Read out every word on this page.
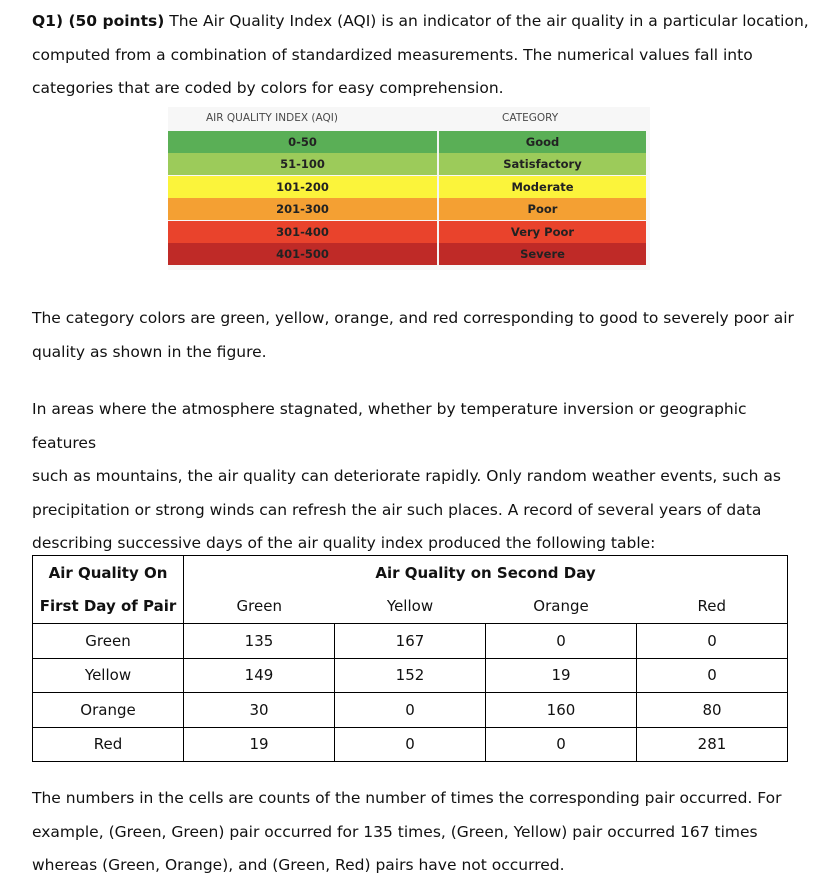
Q1) (50 points) The Air Quality Index (AQI) is an indicator of the air quality in a particular location,
computed from a combination of standardized measurements. The numerical values fall into
categories that are coded by colors for easy comprehension.
AIR QUALITY INDEX (AQI)	CATEGORY
0-50	Good
51-100	Satisfactory
101-200	Moderate
201-300	Poor
301-400	Very Poor
401-500	Severe
The category colors are green, yellow, orange, and red corresponding to good to severely poor air
quality as shown in the figure.
In areas where the atmosphere stagnated, whether by temperature inversion or geographic features
such as mountains, the air quality can deteriorate rapidly. Only random weather events, such as
precipitation or strong winds can refresh the air such places. A record of several years of data
describing successive days of the air quality index produced the following table:
Air Quality On	Air Quality on Second Day			
First Day of Pair	Green	Yellow	Orange	Red
Green	135	167	0	0
Yellow	149	152	19	0
Orange	30	0	160	80
Red	19	0	0	281
The numbers in the cells are counts of the number of times the corresponding pair occurred. For
example, (Green, Green) pair occurred for 135 times, (Green, Yellow) pair occurred 167 times
whereas (Green, Orange), and (Green, Red) pairs have not occurred.
